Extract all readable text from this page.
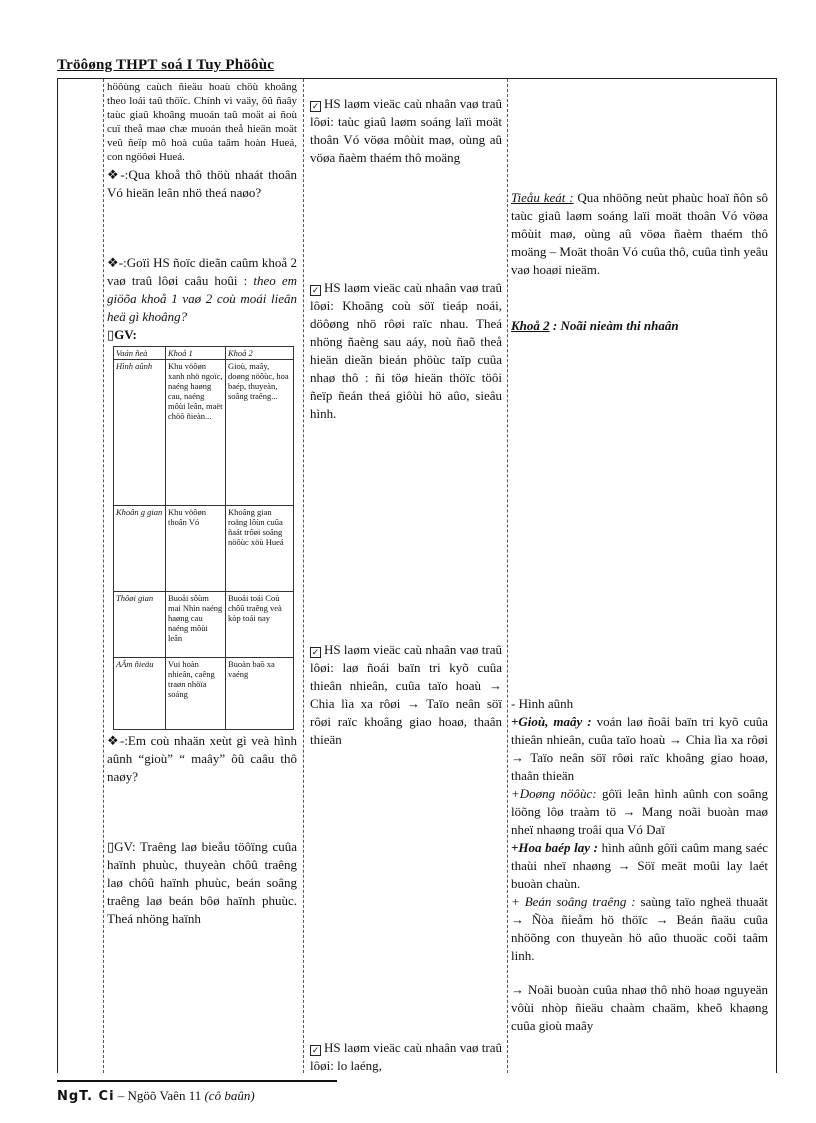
Tröôøng THPT soá I Tuy Phöôùc

höôùng caùch ñieäu hoaù chöù khoâng theo loái taû thöïc. Chính vì vaäy, ôû ñaây taùc giaû khoâng muoán taû moät ai ñoù cuï theå maø chæ muoán theå hieän moät veû ñeïp mô hoà cuûa taâm hoàn Hueá, con ngöôøi Hueá.

❖-:Qua khoå thô thöù nhaát thoân Vó hieän leân nhö theá naøo?

❖-:Goïi HS ñoïc dieãn caûm khoå 2 vaø traû lôøi caâu hoûi : theo em giöõa khoå 1 vaø 2 coù moái lieân heä gì khoâng?

▯GV:

Vaán ñeà	Khoå 1	Khoå 2
Hình aûnh	Khu vöôøn xanh nhö ngoïc, naéng haøng cau, naéng môùi leân, maët chöõ ñieàn...	Gioù, maây, doøng nöôùc, hoa baép, thuyeàn, soâng traêng...
Khoân g gian	Khu vöôøn thoân Vó	Khoâng gian roäng lôùn cuûa ñaát trôøi soâng nöôùc xöù Hueá
Thôøi gian	Buoåi sôùm mai Nhìn naéng haøng cau naéng môùi leân	Buoåi toái Coù chôû traêng veà kòp toái nay
AÂm ñieäu	Vui hoàn nhieân, caêng traøn nhöïa soáng	Buoàn baõ xa vaéng

❖-:Em coù nhaän xeùt gì veà hình aûnh “gioù” “ maây” ôû caâu thô naøy?

▯GV: Traêng laø bieåu töôïng cuûa haïnh phuùc, thuyeàn chôû traêng laø chôû haïnh phuùc, beán soâng traêng laø beán bôø haïnh phuùc. Theá nhöng haïnh

✓ HS laøm vieäc caù nhaân vaø traû lôøi: taùc giaû laøm soáng laïi moät thoân Vó vöøa môùit maø, oùng aû vöøa ñaèm thaém thô moäng

✓ HS laøm vieäc caù nhaân vaø traû lôøi: Khoâng coù söï tieáp noái, döôøng nhö rôøi raïc nhau. Theá nhöng ñaèng sau aáy, noù ñaõ theå hieän dieãn bieán phöùc taïp cuûa nhaø thô : ñi töø hieän thöïc töôi ñeïp ñeán theá giôùi hö aûo, sieâu hình.

✓ HS laøm vieäc caù nhaân vaø traû lôøi: laø ñoái baïn tri kyõ cuûa thieân nhieân, cuûa taïo hoaù → Chia lìa xa rôøi → Taïo neân söï rôøi raïc khoâng giao hoaø, thaân thieän

✓ HS laøm vieäc caù nhaân vaø traû lôøi: lo laéng,

Tieåu keát : Qua nhöõng neùt phaùc hoaï ñôn sô taùc giaû laøm soáng laïi moät thoân Vó vöøa môùit maø, oùng aû vöøa ñaèm thaém thô moäng – Moät thoân Vó cuûa thô, cuûa tình yeâu vaø hoaøi nieäm.

Khoå 2 : Noãi nieàm thi nhaân

- Hình aûnh

+Gioù, maây : voán laø ñoâi baïn tri kyõ cuûa thieân nhieân, cuûa taïo hoaù → Chia lìa xa rôøi → Taïo neân söï rôøi raïc khoâng giao hoaø, thaân thieän

+Doøng nöôùc: gôïi leân hình aûnh con soâng löõng lôø traàm tö → Mang noãi buoàn maø nheï nhaøng troâi qua Vó Daï

+Hoa baép lay : hình aûnh gôïi caûm mang saéc thaùi nheï nhaøng → Söï meät moûi lay laét buoàn chaùn.

+ Beán soâng traêng : saùng taïo ngheä thuaät → Ñòa ñieåm hö thöïc → Beán ñaäu cuûa nhöõng con thuyeàn hö aûo thuoäc coõi taâm linh.

→ Noãi buoàn cuûa nhaø thô nhö hoaø nguyeän vôùi nhòp ñieäu chaàm chaäm, kheõ khaøng cuûa gioù maây

NgT. Ci – Ngöõ Vaên 11 (cô baûn)
